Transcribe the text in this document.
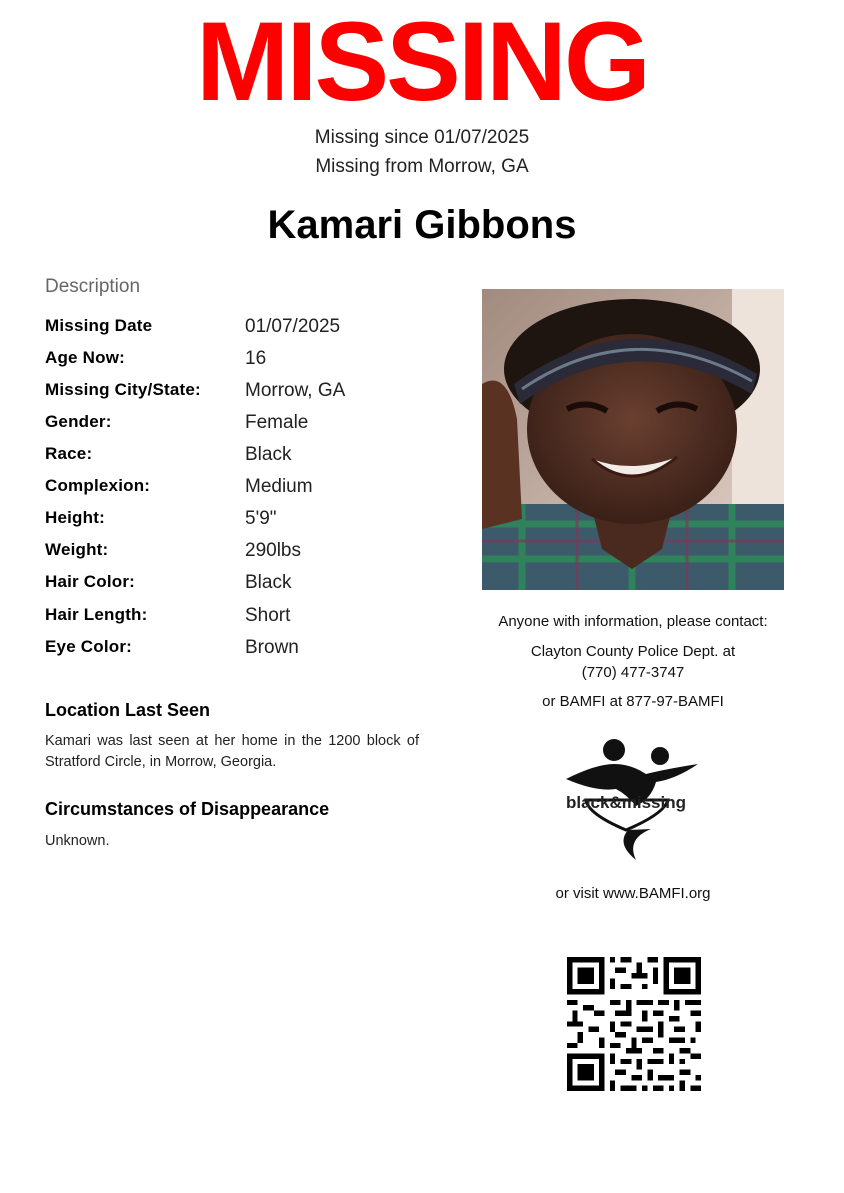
MISSING
Missing since 01/07/2025
Missing from Morrow, GA
Kamari Gibbons
Description
Missing Date	01/07/2025
Age Now:	16
Missing City/State:	Morrow, GA
Gender:	Female
Race:	Black
Complexion:	Medium
Height:	5'9"
Weight:	290lbs
Hair Color:	Black
Hair Length:	Short
Eye Color:	Brown
Location Last Seen
Kamari was last seen at her home in the 1200 block of Stratford Circle, in Morrow, Georgia.
Circumstances of Disappearance
Unknown.
Anyone with information, please contact:
Clayton County Police Dept. at
(770) 477-3747
or BAMFI at 877-97-BAMFI
black&missing
or visit www.BAMFI.org
